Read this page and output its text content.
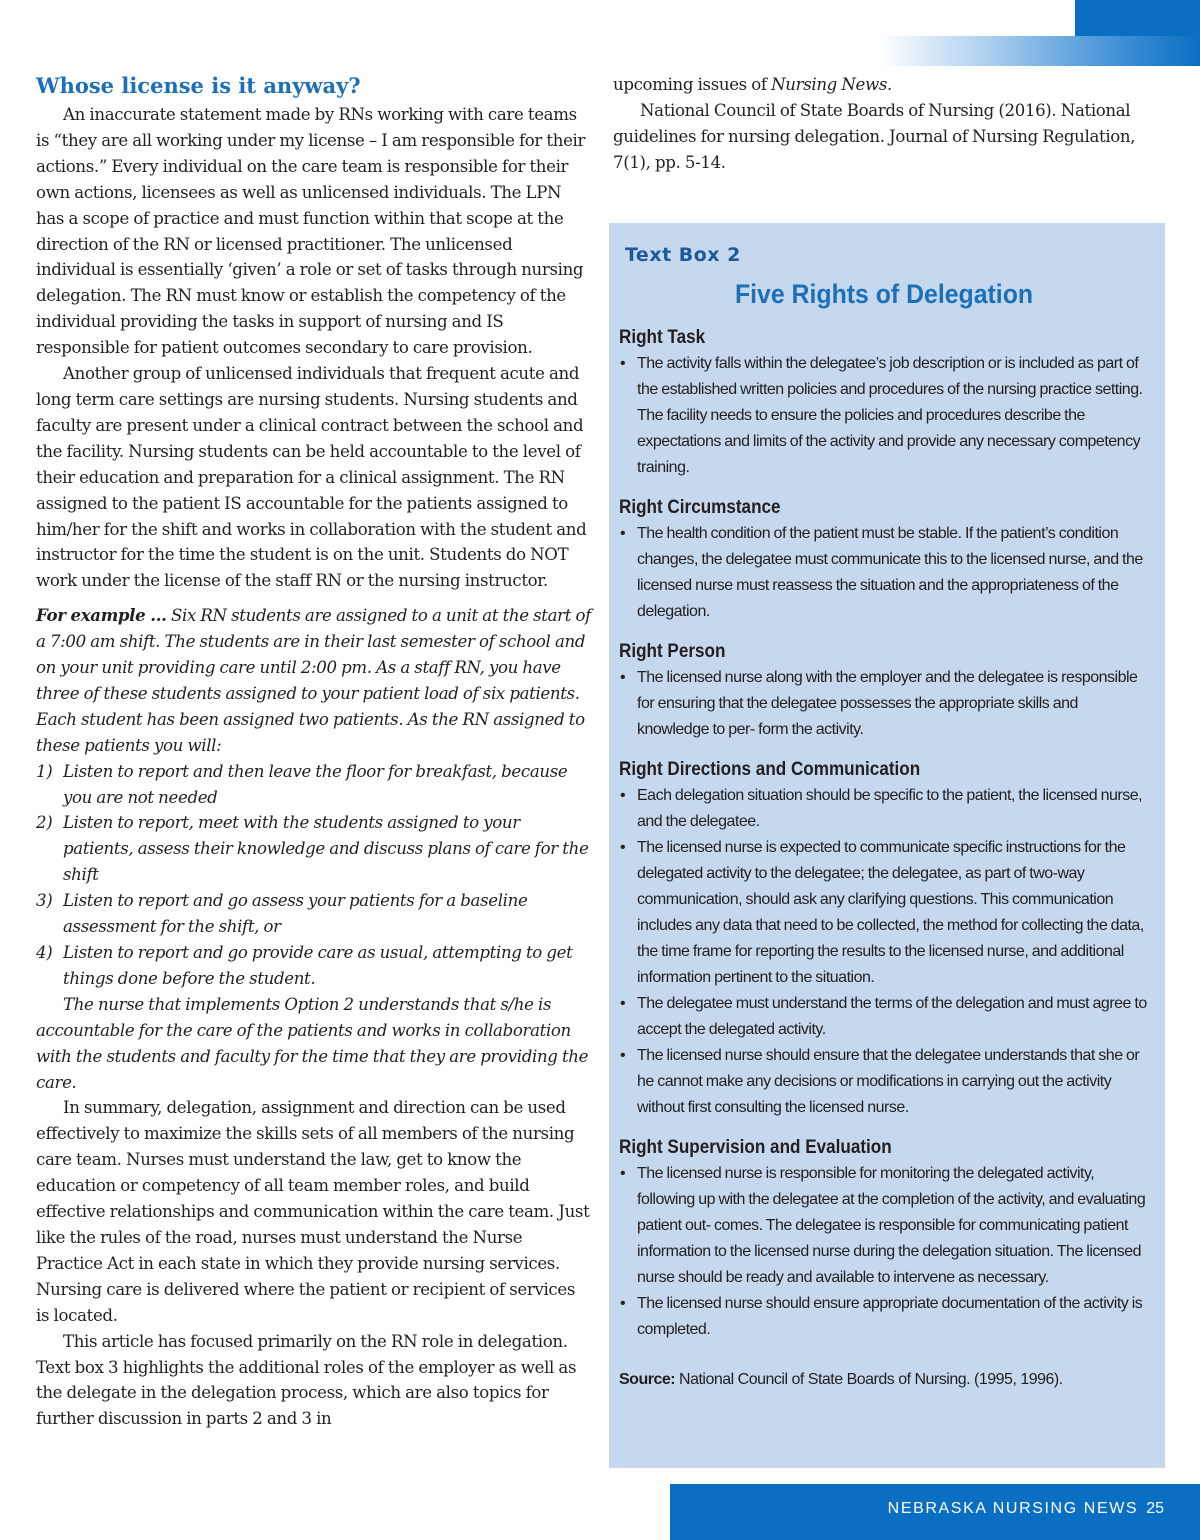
Whose license is it anyway?

An inaccurate statement made by RNs working with care teams is “they are all working under my license – I am responsible for their actions.” Every individual on the care team is responsible for their own actions, licensees as well as unlicensed individuals. The LPN has a scope of practice and must function within that scope at the direction of the RN or licensed practitioner. The unlicensed individual is essentially ‘given’ a role or set of tasks through nursing delegation. The RN must know or establish the competency of the individual providing the tasks in support of nursing and IS responsible for patient outcomes secondary to care provision.

Another group of unlicensed individuals that frequent acute and long term care settings are nursing students. Nursing students and faculty are present under a clinical contract between the school and the facility. Nursing students can be held accountable to the level of their education and preparation for a clinical assignment. The RN assigned to the patient IS accountable for the patients assigned to him/her for the shift and works in collaboration with the student and instructor for the time the student is on the unit. Students do NOT work under the license of the staff RN or the nursing instructor.

For example ... Six RN students are assigned to a unit at the start of a 7:00 am shift. The students are in their last semester of school and on your unit providing care until 2:00 pm. As a staff RN, you have three of these students assigned to your patient load of six patients. Each student has been assigned two patients. As the RN assigned to these patients you will:

1) Listen to report and then leave the floor for breakfast, because you are not needed
2) Listen to report, meet with the students assigned to your patients, assess their knowledge and discuss plans of care for the shift
3) Listen to report and go assess your patients for a baseline assessment for the shift, or
4) Listen to report and go provide care as usual, attempting to get things done before the student.

The nurse that implements Option 2 understands that s/he is accountable for the care of the patients and works in collaboration with the students and faculty for the time that they are providing the care.

In summary, delegation, assignment and direction can be used effectively to maximize the skills sets of all members of the nursing care team. Nurses must understand the law, get to know the education or competency of all team member roles, and build effective relationships and communication within the care team. Just like the rules of the road, nurses must understand the Nurse Practice Act in each state in which they provide nursing services. Nursing care is delivered where the patient or recipient of services is located.

This article has focused primarily on the RN role in delegation. Text box 3 highlights the additional roles of the employer as well as the delegate in the delegation process, which are also topics for further discussion in parts 2 and 3 in

upcoming issues of Nursing News.

National Council of State Boards of Nursing (2016). National guidelines for nursing delegation. Journal of Nursing Regulation, 7(1), pp. 5-14.

Text Box 2
Five Rights of Delegation
Right Task
• The activity falls within the delegatee’s job description or is included as part of the established written policies and procedures of the nursing practice setting. The facility needs to ensure the policies and procedures describe the expectations and limits of the activity and provide any necessary competency training.
Right Circumstance
• The health condition of the patient must be stable. If the patient’s condition changes, the delegatee must communicate this to the licensed nurse, and the licensed nurse must reassess the situation and the appropriateness of the delegation.
Right Person
• The licensed nurse along with the employer and the delegatee is responsible for ensuring that the delegatee possesses the appropriate skills and knowledge to per- form the activity.
Right Directions and Communication
• Each delegation situation should be specific to the patient, the licensed nurse, and the delegatee.
• The licensed nurse is expected to communicate specific instructions for the delegated activity to the delegatee; the delegatee, as part of two-way communication, should ask any clarifying questions. This communication includes any data that need to be collected, the method for collecting the data, the time frame for reporting the results to the licensed nurse, and additional information pertinent to the situation.
• The delegatee must understand the terms of the delegation and must agree to accept the delegated activity.
• The licensed nurse should ensure that the delegatee understands that she or he cannot make any decisions or modifications in carrying out the activity without first consulting the licensed nurse.
Right Supervision and Evaluation
• The licensed nurse is responsible for monitoring the delegated activity, following up with the delegatee at the completion of the activity, and evaluating patient out- comes. The delegatee is responsible for communicating patient information to the licensed nurse during the delegation situation. The licensed nurse should be ready and available to intervene as necessary.
• The licensed nurse should ensure appropriate documentation of the activity is completed.

Source: National Council of State Boards of Nursing. (1995, 1996).

NEBRASKA NURSING NEWS 25
